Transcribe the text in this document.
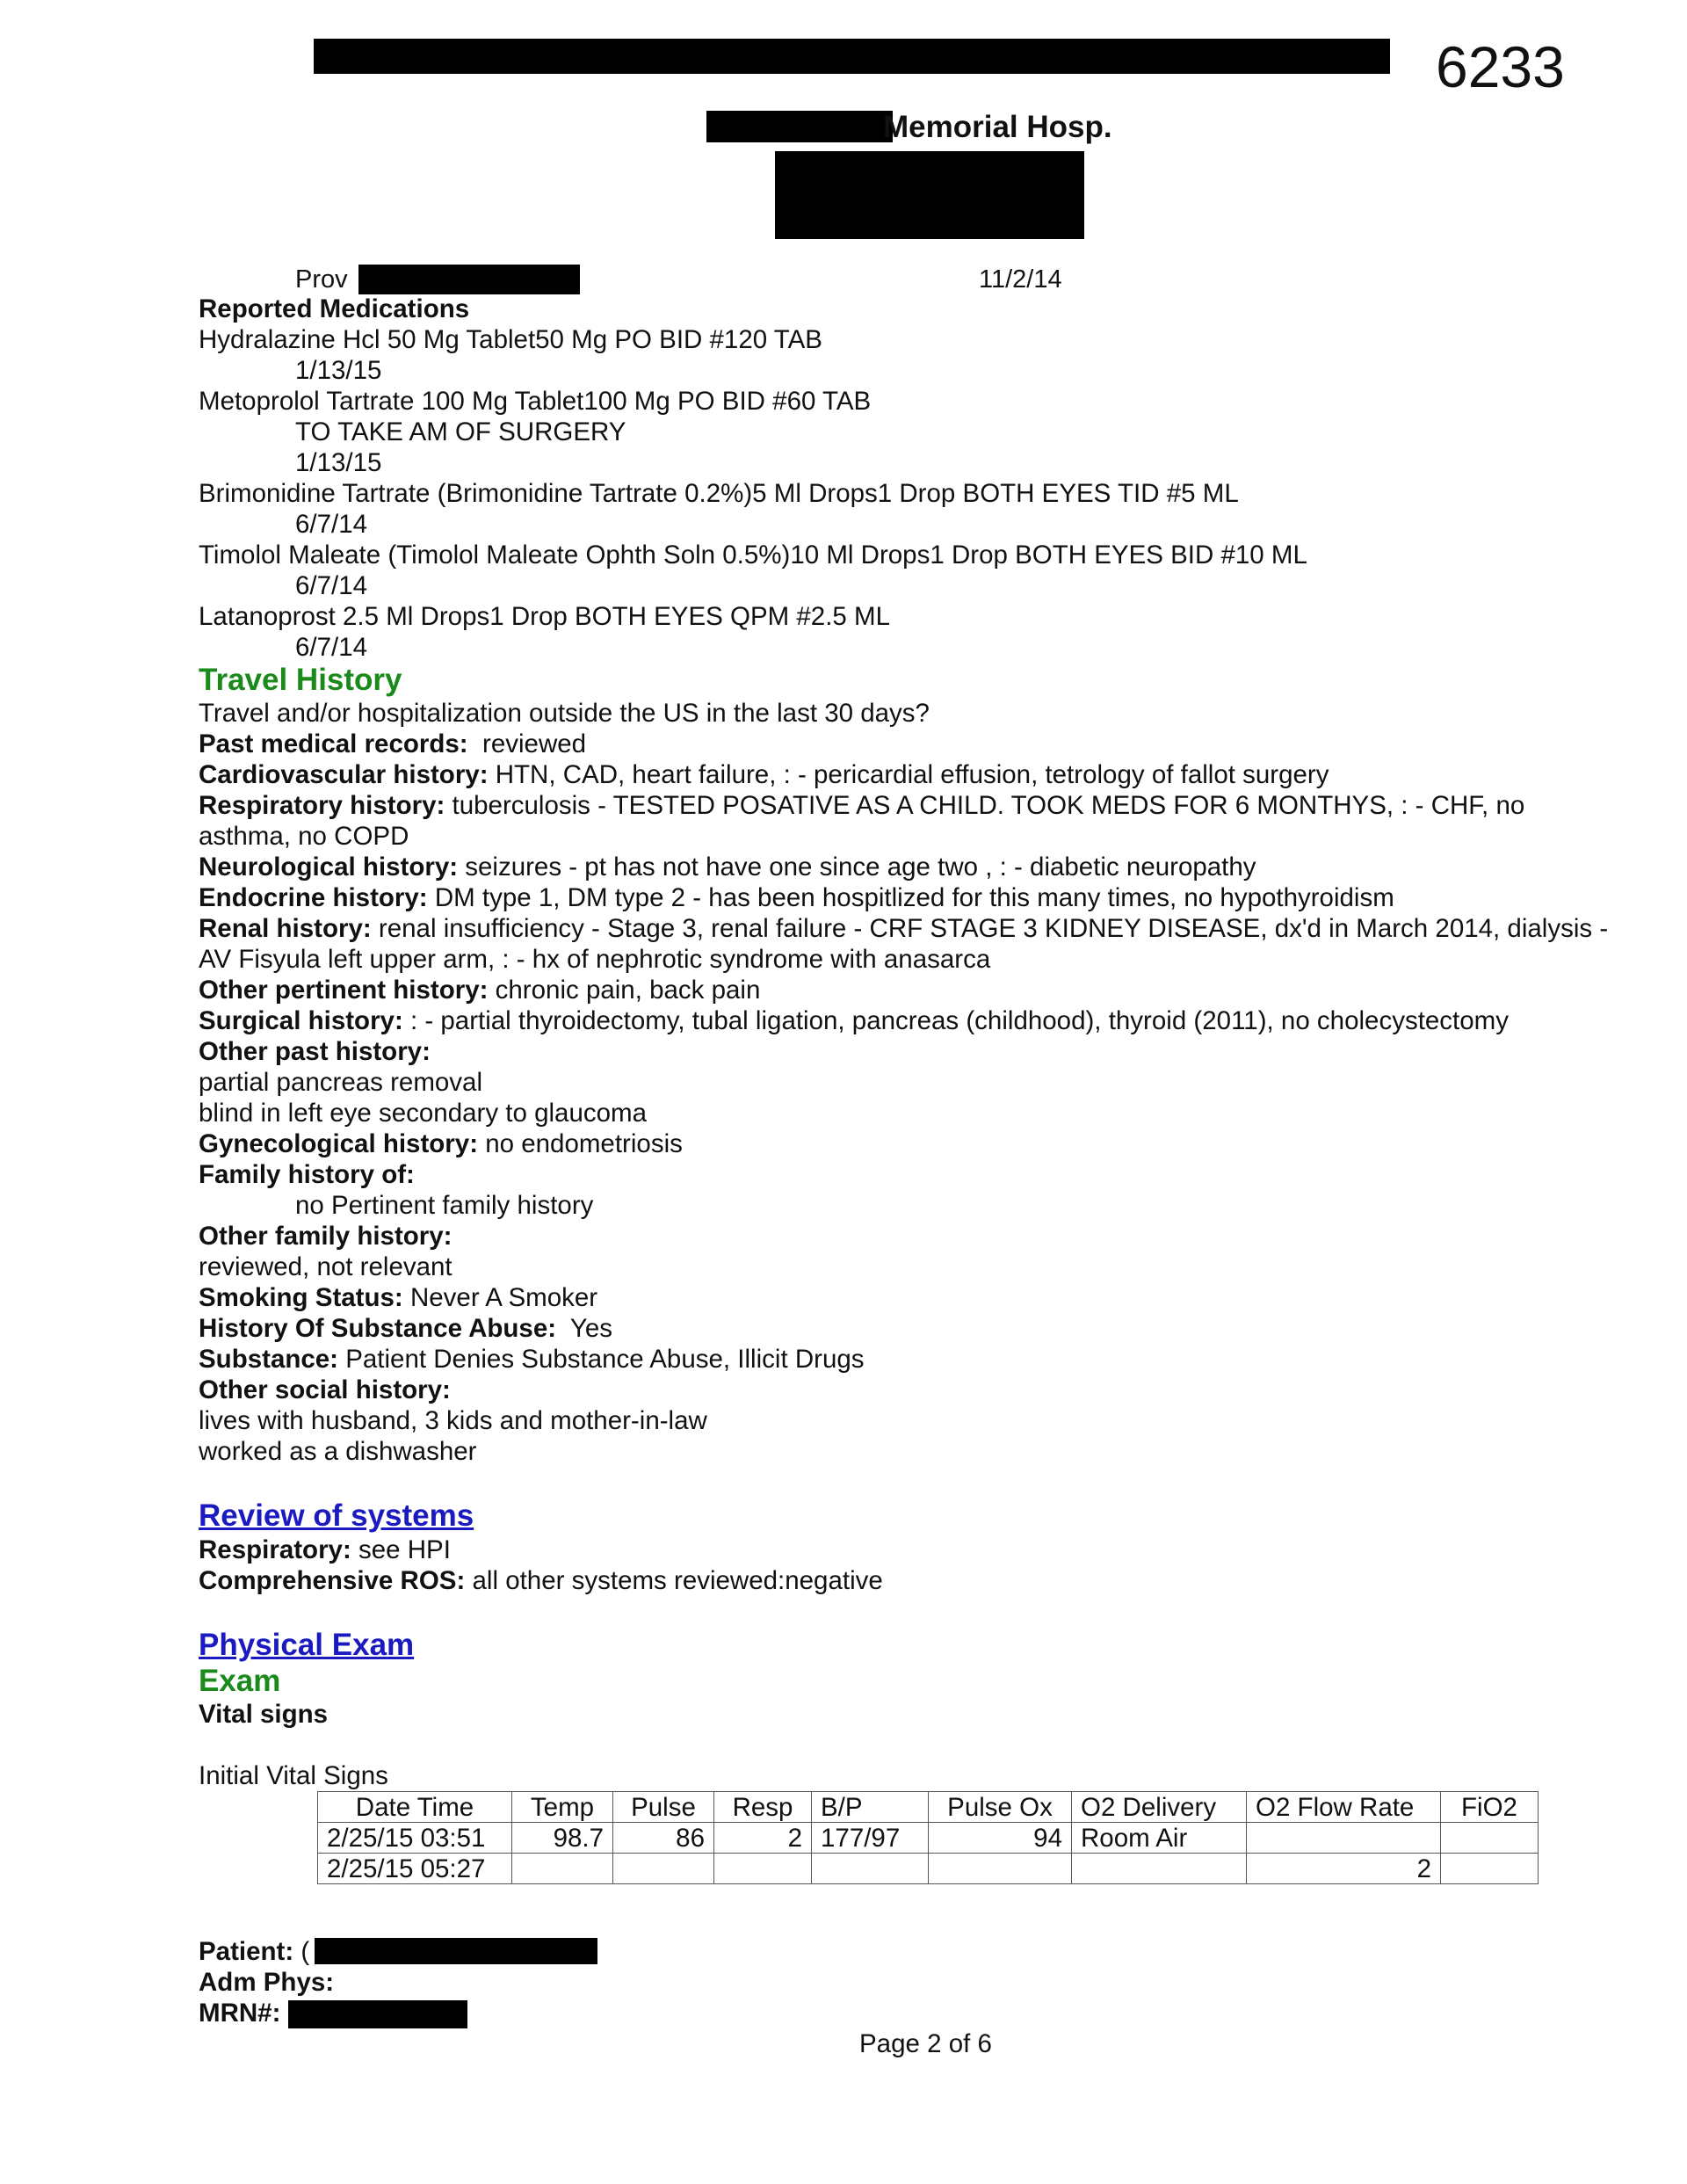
6233
Memorial Hosp.
Prov	11/2/14
Reported Medications
Hydralazine Hcl 50 Mg Tablet50 Mg PO BID #120 TAB
1/13/15
Metoprolol Tartrate 100 Mg Tablet100 Mg PO BID #60 TAB
TO TAKE AM OF SURGERY
1/13/15
Brimonidine Tartrate (Brimonidine Tartrate 0.2%)5 Ml Drops1 Drop BOTH EYES TID #5 ML
6/7/14
Timolol Maleate (Timolol Maleate Ophth Soln 0.5%)10 Ml Drops1 Drop BOTH EYES BID #10 ML
6/7/14
Latanoprost 2.5 Ml Drops1 Drop BOTH EYES QPM #2.5 ML
6/7/14
Travel History
Travel and/or hospitalization outside the US in the last 30 days?
Past medical records:  reviewed
Cardiovascular history: HTN, CAD, heart failure, : - pericardial effusion, tetrology of fallot surgery
Respiratory history: tuberculosis - TESTED POSATIVE AS A CHILD. TOOK MEDS FOR 6 MONTHYS, : - CHF, no asthma, no COPD
Neurological history: seizures - pt has not have one since age two , : - diabetic neuropathy
Endocrine history: DM type 1, DM type 2 - has been hospitlized for this many times, no hypothyroidism
Renal history: renal insufficiency - Stage 3, renal failure - CRF STAGE 3 KIDNEY DISEASE, dx'd in March 2014, dialysis - AV Fisyula left upper arm, : - hx of nephrotic syndrome with anasarca
Other pertinent history: chronic pain, back pain
Surgical history: : - partial thyroidectomy, tubal ligation, pancreas (childhood), thyroid (2011), no cholecystectomy
Other past history:
partial pancreas removal
blind in left eye secondary to glaucoma
Gynecological history: no endometriosis
Family history of:
no Pertinent family history
Other family history:
reviewed, not relevant
Smoking Status: Never A Smoker
History Of Substance Abuse:  Yes
Substance: Patient Denies Substance Abuse, Illicit Drugs
Other social history:
lives with husband, 3 kids and mother-in-law
worked as a dishwasher
Review of systems
Respiratory: see HPI
Comprehensive ROS: all other systems reviewed:negative
Physical Exam
Exam
Vital signs
Initial Vital Signs
Date Time	Temp	Pulse	Resp	B/P	Pulse Ox	O2 Delivery	O2 Flow Rate	FiO2
2/25/15 03:51	98.7	86	2	177/97	94	Room Air		
2/25/15 05:27							2	
Patient: (
Adm Phys:
MRN#:
Page 2 of 6
